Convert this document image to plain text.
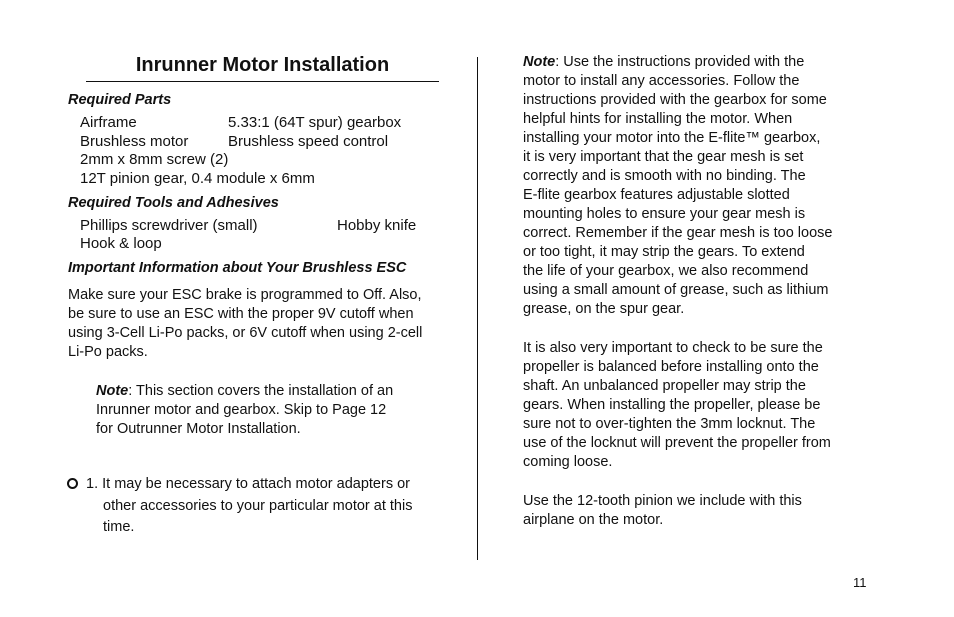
Inrunner Motor Installation
Required Parts
Airframe	5.33:1 (64T spur) gearbox
Brushless motor	Brushless speed control
2mm x 8mm screw (2)
12T pinion gear, 0.4 module x 6mm
Required Tools and Adhesives
Phillips screwdriver (small)	Hobby knife
Hook & loop
Important Information about Your Brushless ESC

Make sure your ESC brake is programmed to Off. Also,
be sure to use an ESC with the proper 9V cutoff when
using 3-Cell Li-Po packs, or 6V cutoff when using 2-cell
Li-Po packs.

Note: This section covers the installation of an
Inrunner motor and gearbox. Skip to Page 12
for Outrunner Motor Installation.

1. It may be necessary to attach motor adapters or
other accessories to your particular motor at this
time.

Note: Use the instructions provided with the
motor to install any accessories. Follow the
instructions provided with the gearbox for some
helpful hints for installing the motor. When
installing your motor into the E-flite™ gearbox,
it is very important that the gear mesh is set
correctly and is smooth with no binding. The
E-flite gearbox features adjustable slotted
mounting holes to ensure your gear mesh is
correct. Remember if the gear mesh is too loose
or too tight, it may strip the gears. To extend
the life of your gearbox, we also recommend
using a small amount of grease, such as lithium
grease, on the spur gear.

It is also very important to check to be sure the
propeller is balanced before installing onto the
shaft. An unbalanced propeller may strip the
gears. When installing the propeller, please be
sure not to over-tighten the 3mm locknut. The
use of the locknut will prevent the propeller from
coming loose.

Use the 12-tooth pinion we include with this
airplane on the motor.

11
